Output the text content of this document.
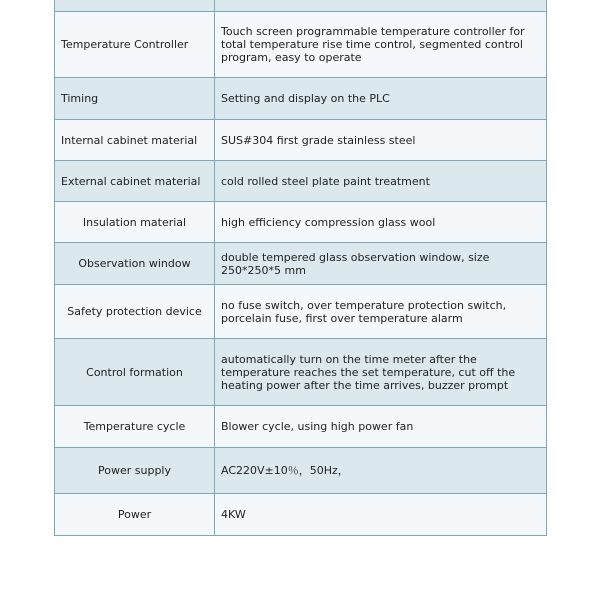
Temperature Controller	Touch screen programmable temperature controller for total temperature rise time control, segmented control program, easy to operate
Timing	Setting and display on the PLC
Internal cabinet material	SUS#304 first grade stainless steel
External cabinet material	cold rolled steel plate paint treatment
Insulation material	high efficiency compression glass wool
Observation window	double tempered glass observation window, size 250*250*5 mm
Safety protection device	no fuse switch, over temperature protection switch, porcelain fuse, first over temperature alarm
Control formation	automatically turn on the time meter after the temperature reaches the set temperature, cut off the heating power after the time arrives, buzzer prompt
Temperature cycle	Blower cycle, using high power fan
Power supply	AC220V±10％，50Hz，
Power	4KW
